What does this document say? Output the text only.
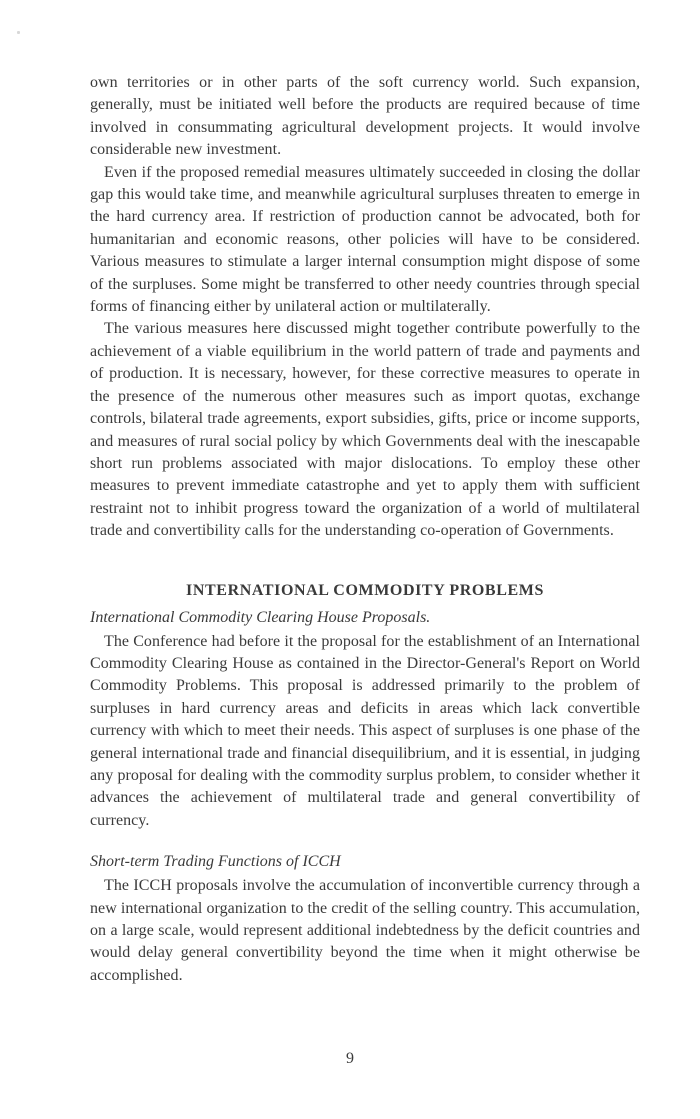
own territories or in other parts of the soft currency world. Such expansion, generally, must be initiated well before the products are required because of time involved in consummating agricultural development projects. It would involve considerable new investment.

Even if the proposed remedial measures ultimately succeeded in closing the dollar gap this would take time, and meanwhile agricultural surpluses threaten to emerge in the hard currency area. If restriction of production cannot be advocated, both for humanitarian and economic reasons, other policies will have to be considered. Various measures to stimulate a larger internal consumption might dispose of some of the surpluses. Some might be transferred to other needy countries through special forms of financing either by unilateral action or multilaterally.

The various measures here discussed might together contribute powerfully to the achievement of a viable equilibrium in the world pattern of trade and payments and of production. It is necessary, however, for these corrective measures to operate in the presence of the numerous other measures such as import quotas, exchange controls, bilateral trade agreements, export subsidies, gifts, price or income supports, and measures of rural social policy by which Governments deal with the inescapable short run problems associated with major dislocations. To employ these other measures to prevent immediate catastrophe and yet to apply them with sufficient restraint not to inhibit progress toward the organization of a world of multilateral trade and convertibility calls for the understanding co-operation of Governments.

INTERNATIONAL COMMODITY PROBLEMS
International Commodity Clearing House Proposals.

The Conference had before it the proposal for the establishment of an International Commodity Clearing House as contained in the Director-General's Report on World Commodity Problems. This proposal is addressed primarily to the problem of surpluses in hard currency areas and deficits in areas which lack convertible currency with which to meet their needs. This aspect of surpluses is one phase of the general international trade and financial disequilibrium, and it is essential, in judging any proposal for dealing with the commodity surplus problem, to consider whether it advances the achievement of multilateral trade and general convertibility of currency.

Short-term Trading Functions of ICCH

The ICCH proposals involve the accumulation of inconvertible currency through a new international organization to the credit of the selling country. This accumulation, on a large scale, would represent additional indebtedness by the deficit countries and would delay general convertibility beyond the time when it might otherwise be accomplished.

9
